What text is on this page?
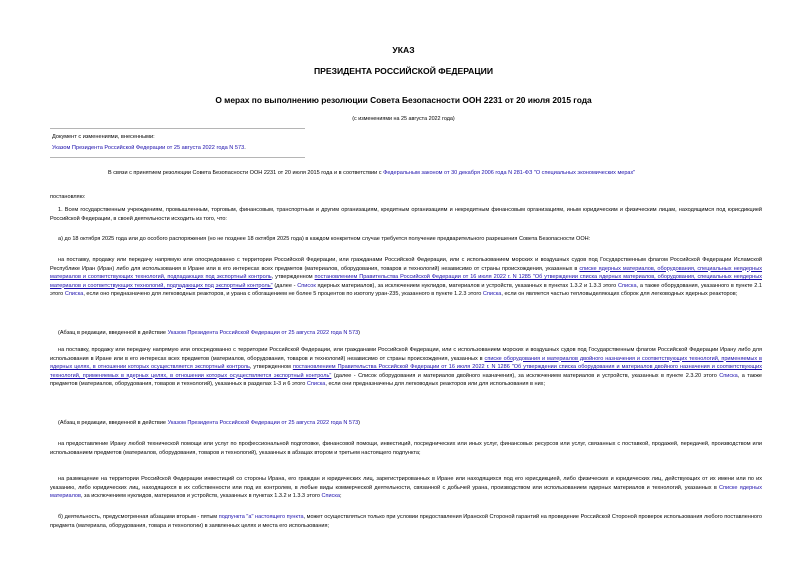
УКАЗ
ПРЕЗИДЕНТА РОССИЙСКОЙ ФЕДЕРАЦИИ
О мерах по выполнению резолюции Совета Безопасности ООН 2231 от 20 июля 2015 года
(с изменениями на 25 августа 2022 года)
Документ с изменениями, внесенными:
Указом Президента Российской Федерации от 25 августа 2022 года N 573.
В связи с принятием резолюции Совета Безопасности ООН 2231 от 20 июля 2015 года и в соответствии с Федеральным законом от 30 декабря 2006 года N 281-ФЗ "О специальных экономических мерах"
постановляю:
1. Всем государственным учреждениям, промышленным, торговым, финансовым, транспортным и другим организациям, кредитным организациям и некредитным финансовым организациям, иным юридическим и физическим лицам, находящимся под юрисдикцией Российской Федерации, в своей деятельности исходить из того, что:
а) до 18 октября 2025 года или до особого распоряжения (но не позднее 18 октября 2025 года) в каждом конкретном случае требуется получение предварительного разрешения Совета Безопасности ООН:
на поставку, продажу или передачу напрямую или опосредованно с территории Российской Федерации, или гражданами Российской Федерации, или с использованием морских и воздушных судов под Государственным флагом Российской Федерации Исламской Республике Иран (Иран) либо для использования в Иране или в его интересах всех предметов (материалов, оборудования, товаров и технологий) независимо от страны происхождения, указанных в списке ядерных материалов, оборудования, специальных неядерных материалов и соответствующих технологий, подпадающих под экспортный контроль, утвержденном постановлением Правительства Российской Федерации от 16 июля 2022 г. N 1285 "Об утверждении списка ядерных материалов, оборудования, специальных неядерных материалов и соответствующих технологий, подпадающих под экспортный контроль" (далее - Список ядерных материалов), за исключением нуклидов, материалов и устройств, указанных в пунктах 1.3.2 и 1.3.3 этого Списка, а также оборудования, указанного в пункте 2.1 этого Списка, если оно предназначено для легководных реакторов, и урана с обогащением не более 5 процентов по изотопу уран-235, указанного в пункте 1.2.3 этого Списка, если он является частью тепловыделяющих сборок для легководных ядерных реакторов;
(Абзац в редакции, введенной в действие Указом Президента Российской Федерации от 25 августа 2022 года N 573)
на поставку, продажу или передачу напрямую или опосредованно с территории Российской Федерации, или гражданами Российской Федерации, или с использованием морских и воздушных судов под Государственным флагом Российской Федерации Ирану либо для использования в Иране или в его интересах всех предметов (материалов, оборудования, товаров и технологий) независимо от страны происхождения, указанных в списке оборудования и материалов двойного назначения и соответствующих технологий, применяемых в ядерных целях, в отношении которых осуществляется экспортный контроль, утвержденном постановлением Правительства Российской Федерации от 16 июля 2022 г. N 1286 "Об утверждении списка оборудования и материалов двойного назначения и соответствующих технологий, применяемых в ядерных целях, в отношении которых осуществляется экспортный контроль" (далее - Список оборудования и материалов двойного назначения), за исключением материалов и устройств, указанных в пункте 2.3.20 этого Списка, а также предметов (материалов, оборудования, товаров и технологий), указанных в разделах 1-3 и 6 этого Списка, если они предназначены для легководных реакторов или для использования в них;
(Абзац в редакции, введенной в действие Указом Президента Российской Федерации от 25 августа 2022 года N 573)
на предоставление Ирану любой технической помощи или услуг по профессиональной подготовке, финансовой помощи, инвестиций, посреднических или иных услуг, финансовых ресурсов или услуг, связанных с поставкой, продажей, передачей, производством или использованием предметов (материалов, оборудования, товаров и технологий), указанных в абзацах втором и третьем настоящего подпункта;
на размещение на территории Российской Федерации инвестиций со стороны Ирана, его граждан и юридических лиц, зарегистрированных в Иране или находящихся под его юрисдикцией, либо физических и юридических лиц, действующих от их имени или по их указанию, либо юридических лиц, находящихся в их собственности или под их контролем, в любые виды коммерческой деятельности, связанной с добычей урана, производством или использованием ядерных материалов и технологий, указанных в Списке ядерных материалов, за исключением нуклидов, материалов и устройств, указанных в пунктах 1.3.2 и 1.3.3 этого Списка;
б) деятельность, предусмотренная абзацами вторым - пятым подпункта "а" настоящего пункта, может осуществляться только при условии предоставления Иранской Стороной гарантий на проведение Российской Стороной проверок использования любого поставленного предмета (материала, оборудования, товара и технологии) в заявленных целях и места его использования;
